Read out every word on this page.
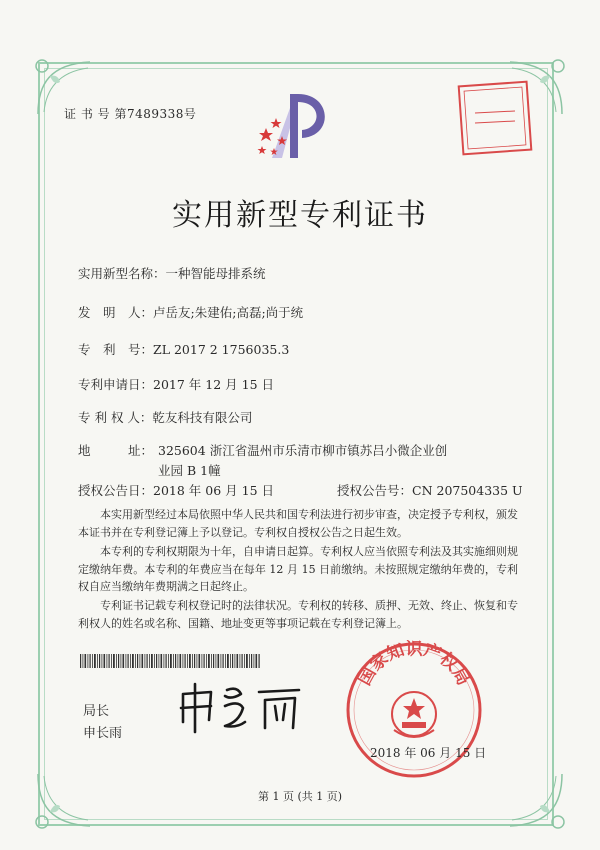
证 书 号 第7489338号
实用新型专利证书
实用新型名称：一种智能母排系统
发　明　人：卢岳友;朱建佑;高磊;尚于统
专　利　号：ZL 2017 2 1756035.3
专利申请日：2017 年 12 月 15 日
专 利 权 人：乾友科技有限公司
地　　　址： 325604 浙江省温州市乐清市柳市镇苏吕小微企业创业园 B 1幢
授权公告日：2018 年 06 月 15 日	授权公告号：CN 207504335 U
本实用新型经过本局依照中华人民共和国专利法进行初步审查，决定授予专利权，颁发本证书并在专利登记簿上予以登记。专利权自授权公告之日起生效。
本专利的专利权期限为十年，自申请日起算。专利权人应当依照专利法及其实施细则规定缴纳年费。本专利的年费应当在每年 12 月 15 日前缴纳。未按照规定缴纳年费的，专利权自应当缴纳年费期满之日起终止。
专利证书记载专利权登记时的法律状况。专利权的转移、质押、无效、终止、恢复和专利权人的姓名或名称、国籍、地址变更等事项记载在专利登记簿上。
局长
申长雨
国家知识产权局
2018 年 06 月 15 日
第 1 页 (共 1 页)
